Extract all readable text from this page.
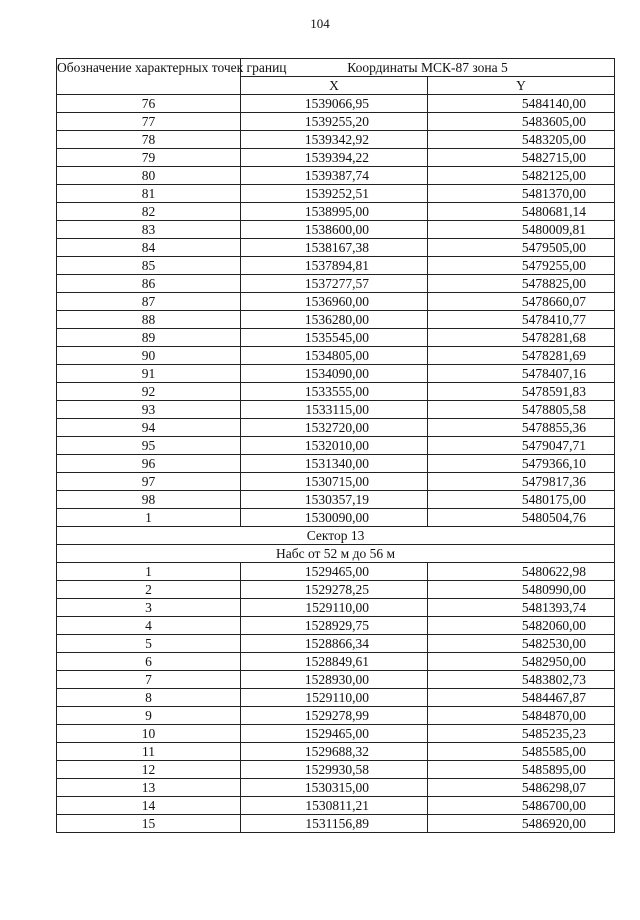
104
Обозначение характерных точек границ	Координаты МСК-87 зона 5	
	X	Y
76	1539066,95	5484140,00
77	1539255,20	5483605,00
78	1539342,92	5483205,00
79	1539394,22	5482715,00
80	1539387,74	5482125,00
81	1539252,51	5481370,00
82	1538995,00	5480681,14
83	1538600,00	5480009,81
84	1538167,38	5479505,00
85	1537894,81	5479255,00
86	1537277,57	5478825,00
87	1536960,00	5478660,07
88	1536280,00	5478410,77
89	1535545,00	5478281,68
90	1534805,00	5478281,69
91	1534090,00	5478407,16
92	1533555,00	5478591,83
93	1533115,00	5478805,58
94	1532720,00	5478855,36
95	1532010,00	5479047,71
96	1531340,00	5479366,10
97	1530715,00	5479817,36
98	1530357,19	5480175,00
1	1530090,00	5480504,76
Сектор 13		
Набс от 52 м до 56 м		
1	1529465,00	5480622,98
2	1529278,25	5480990,00
3	1529110,00	5481393,74
4	1528929,75	5482060,00
5	1528866,34	5482530,00
6	1528849,61	5482950,00
7	1528930,00	5483802,73
8	1529110,00	5484467,87
9	1529278,99	5484870,00
10	1529465,00	5485235,23
11	1529688,32	5485585,00
12	1529930,58	5485895,00
13	1530315,00	5486298,07
14	1530811,21	5486700,00
15	1531156,89	5486920,00
